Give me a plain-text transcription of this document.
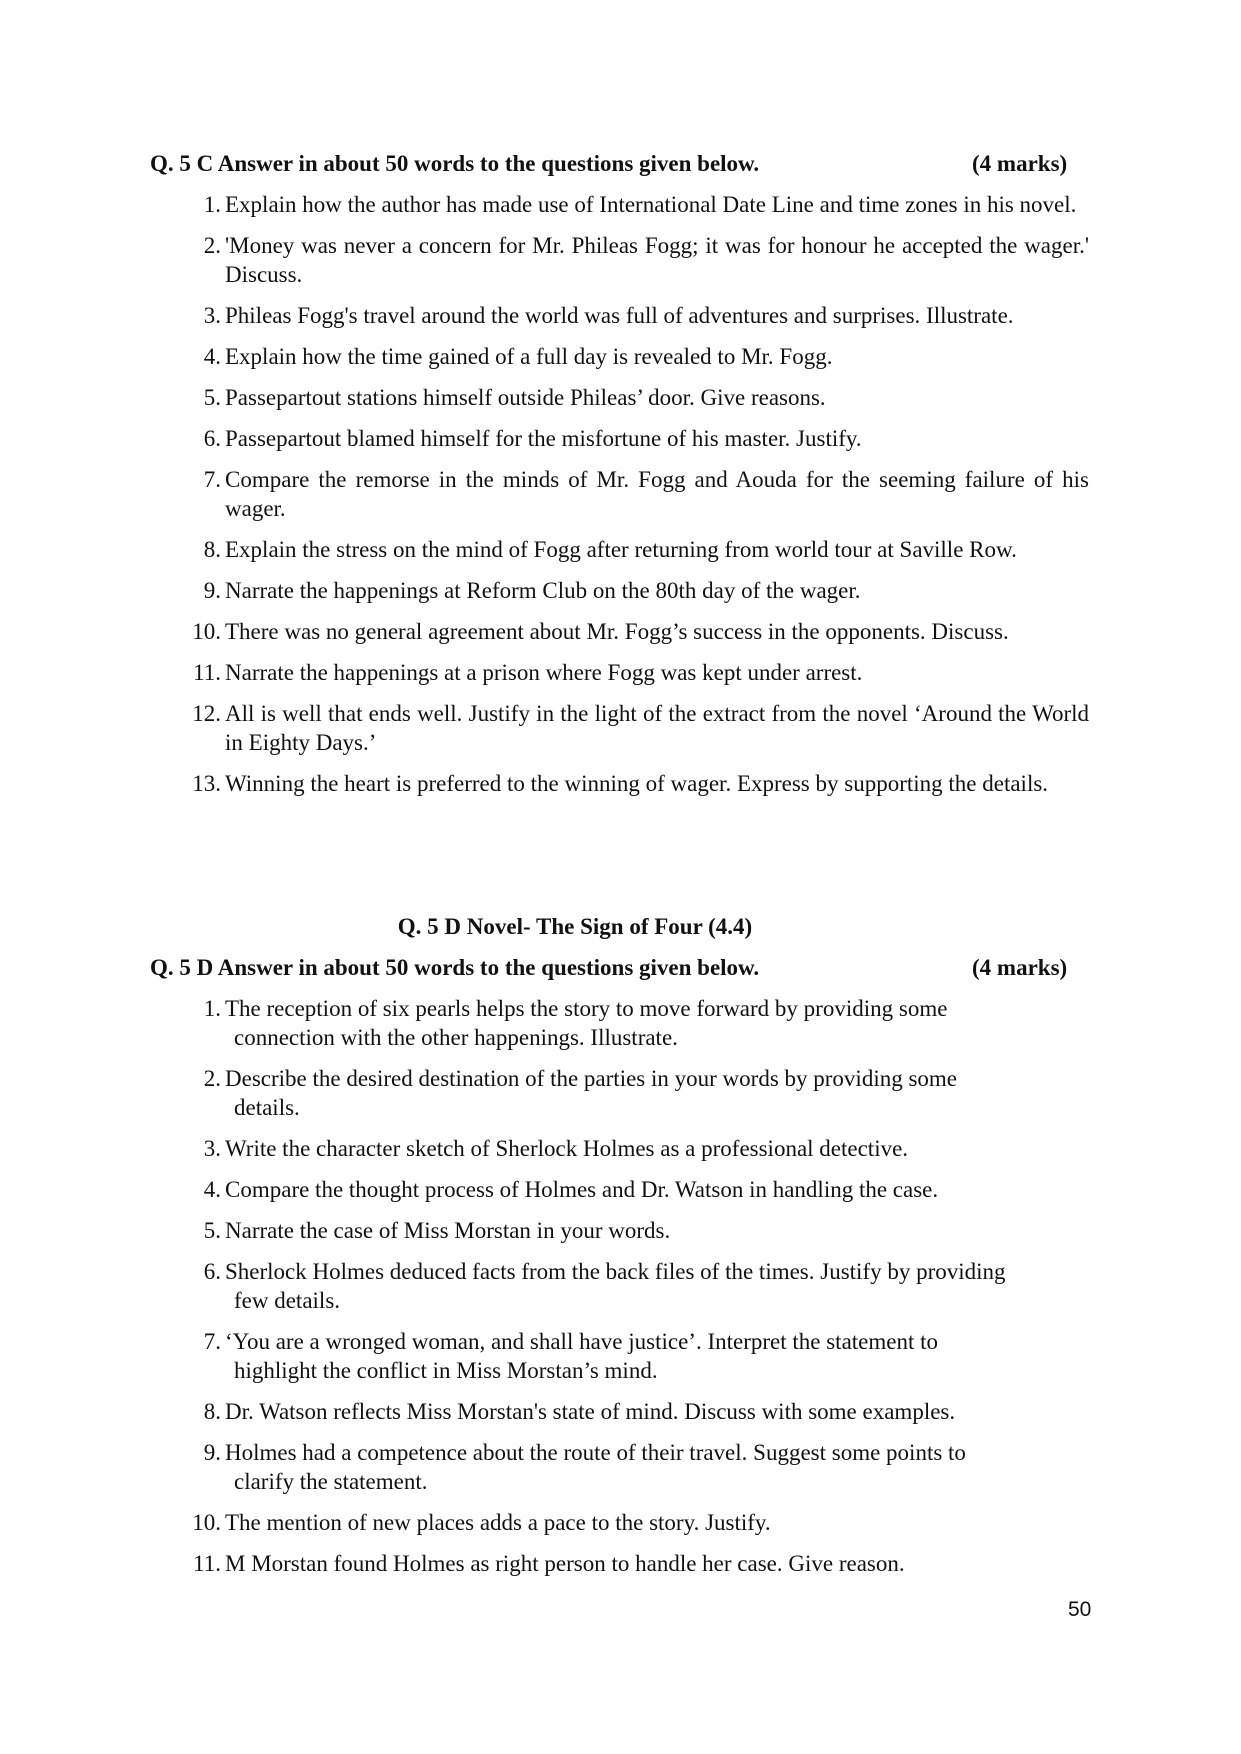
Q. 5 C Answer in about 50 words to the questions given below.	(4 marks)
1. Explain how the author has made use of International Date Line and time zones in his novel.
2. 'Money was never a concern for Mr. Phileas Fogg; it was for honour he accepted the wager.' Discuss.
3. Phileas Fogg's travel around the world was full of adventures and surprises. Illustrate.
4. Explain how the time gained of a full day is revealed to Mr. Fogg.
5. Passepartout stations himself outside Phileas’ door. Give reasons.
6. Passepartout blamed himself for the misfortune of his master. Justify.
7. Compare the remorse in the minds of Mr. Fogg and Aouda for the seeming failure of his wager.
8. Explain the stress on the mind of Fogg after returning from world tour at Saville Row.
9. Narrate the happenings at Reform Club on the 80th day of the wager.
10. There was no general agreement about Mr. Fogg’s success in the opponents. Discuss.
11. Narrate the happenings at a prison where Fogg was kept under arrest.
12. All is well that ends well. Justify in the light of the extract from the novel ‘Around the World in Eighty Days.’
13. Winning the heart is preferred to the winning of wager. Express by supporting the details.
Q. 5 D Novel- The Sign of Four (4.4)
Q. 5 D Answer in about 50 words to the questions given below.	(4 marks)
1. The reception of six pearls helps the story to move forward by providing some
connection with the other happenings. Illustrate.
2. Describe the desired destination of the parties in your words by providing some
details.
3. Write the character sketch of Sherlock Holmes as a professional detective.
4. Compare the thought process of Holmes and Dr. Watson in handling the case.
5. Narrate the case of Miss Morstan in your words.
6. Sherlock Holmes deduced facts from the back files of the times. Justify by providing
few details.
7. ‘You are a wronged woman, and shall have justice’. Interpret the statement to
highlight the conflict in Miss Morstan’s mind.
8. Dr. Watson reflects Miss Morstan's state of mind. Discuss with some examples.
9. Holmes had a competence about the route of their travel. Suggest some points to
clarify the statement.
10. The mention of new places adds a pace to the story. Justify.
11. M Morstan found Holmes as right person to handle her case. Give reason.
50
